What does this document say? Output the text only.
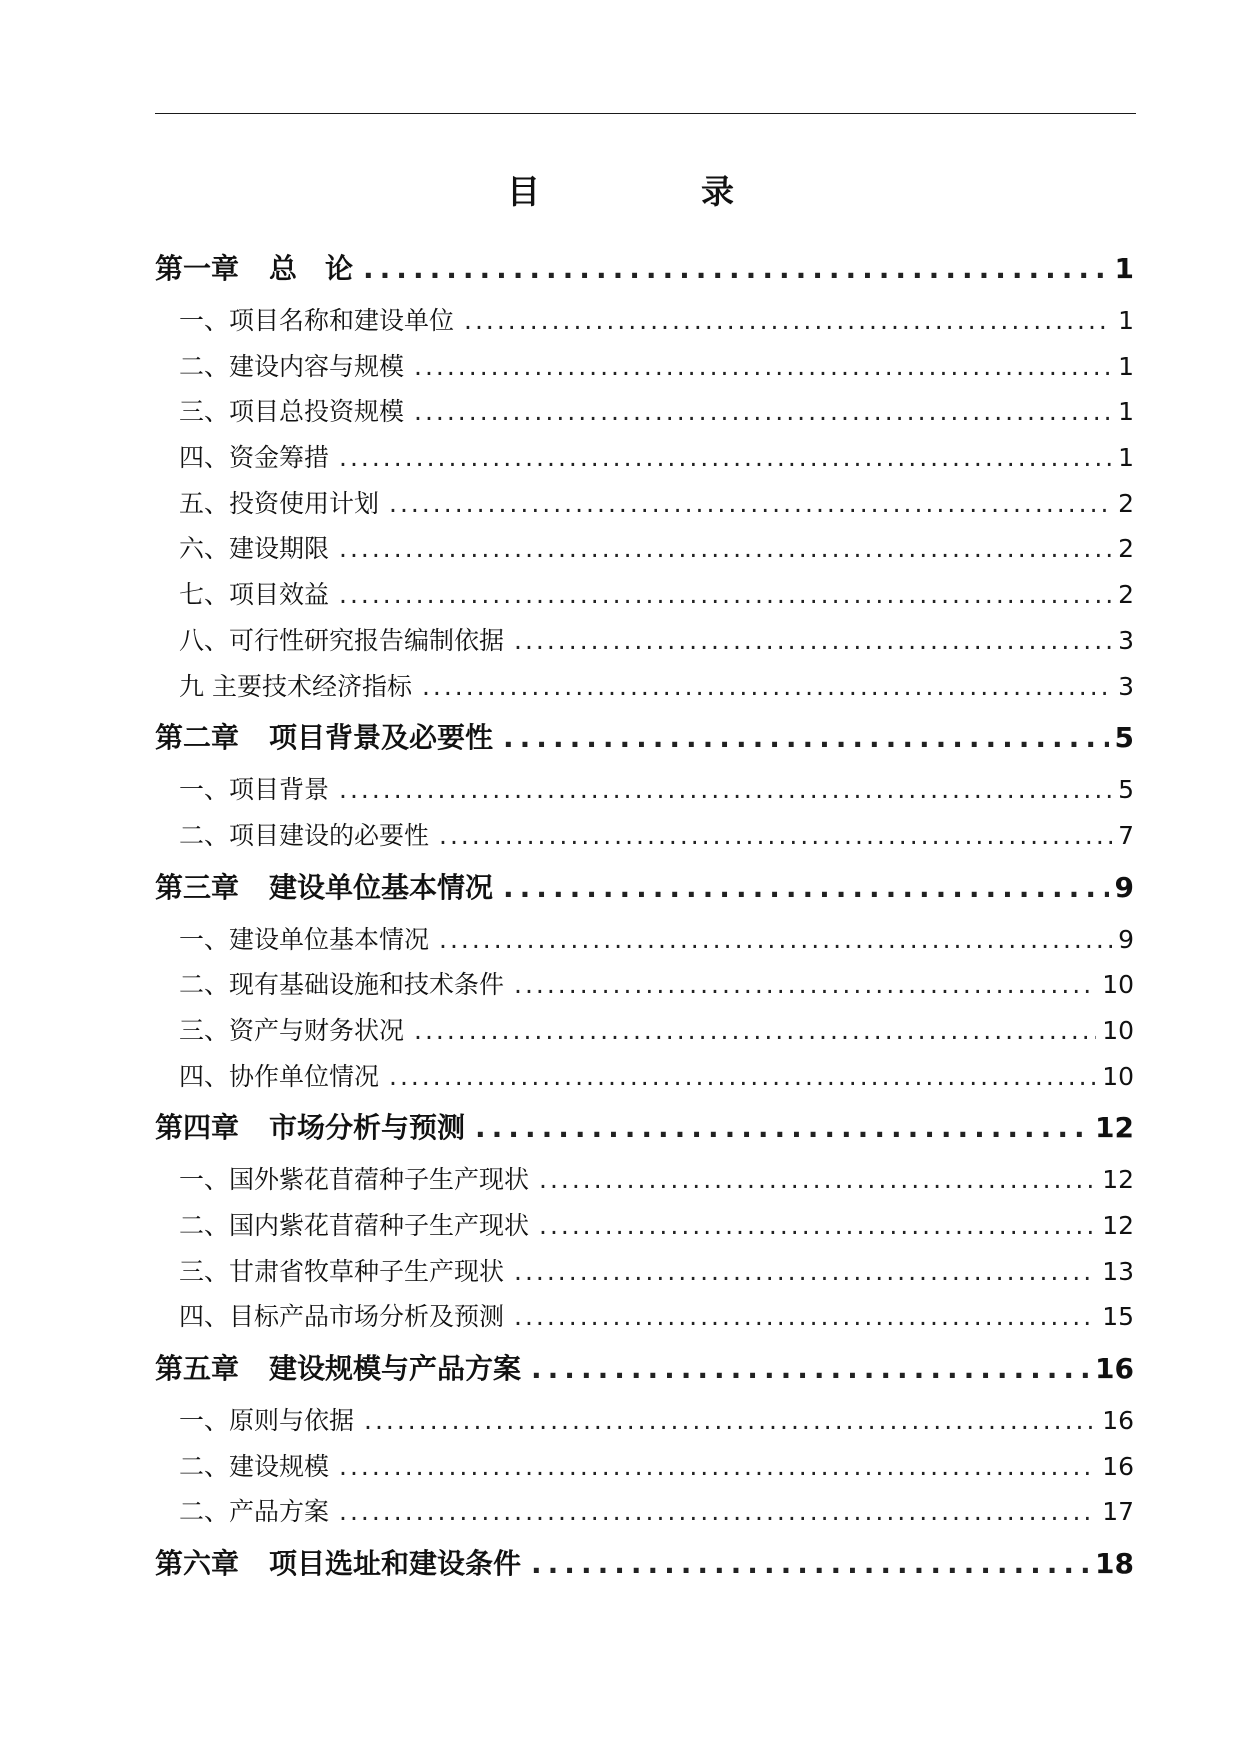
目　录
第一章 总　论 .....	1
一、项目名称和建设单位 .....	1
二、建设内容与规模 .....	1
三、项目总投资规模 .....	1
四、资金筹措 .....	1
五、投资使用计划 .....	2
六、建设期限 .....	2
七、项目效益 .....	2
八、可行性研究报告编制依据 .....	3
九 主要技术经济指标 .....	3
第二章 项目背景及必要性 .....	5
一、项目背景 .....	5
二、项目建设的必要性 .....	7
第三章 建设单位基本情况 .....	9
一、建设单位基本情况 .....	9
二、现有基础设施和技术条件 .....	10
三、资产与财务状况 .....	10
四、协作单位情况 .....	10
第四章 市场分析与预测 .....	12
一、国外紫花苜蓿种子生产现状 .....	12
二、国内紫花苜蓿种子生产现状 .....	12
三、甘肃省牧草种子生产现状 .....	13
四、目标产品市场分析及预测 .....	15
第五章 建设规模与产品方案 .....	16
一、原则与依据 .....	16
二、建设规模 .....	16
二、产品方案 .....	17
第六章 项目选址和建设条件 .....	18
